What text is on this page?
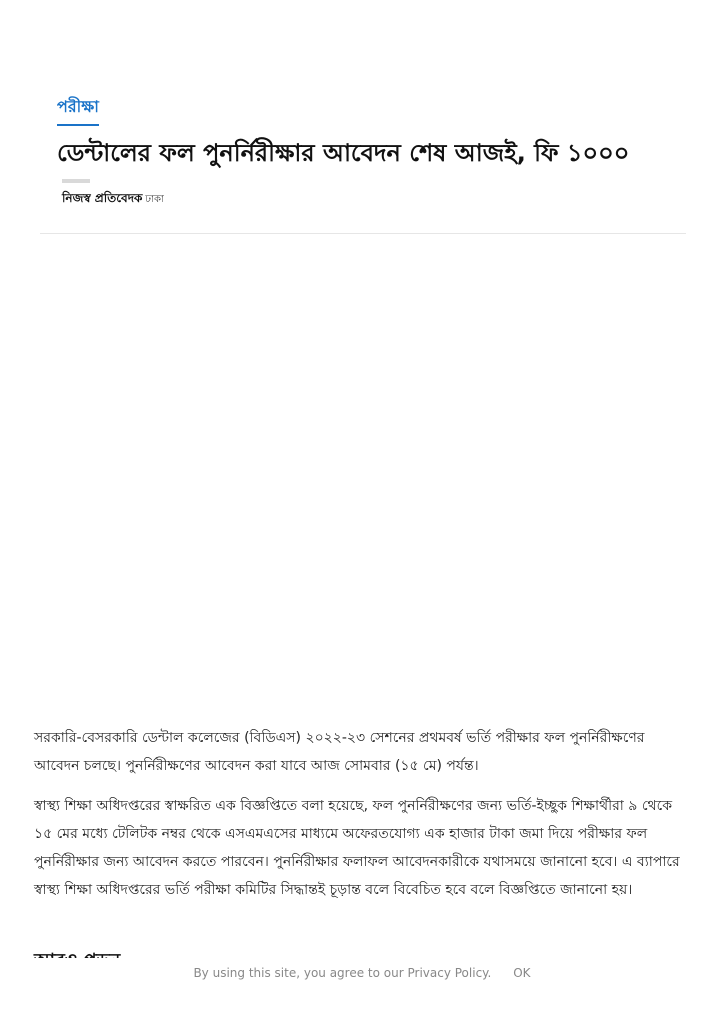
পরীক্ষা
ডেন্টালের ফল পুনর্নিরীক্ষার আবেদন শেষ আজই, ফি ১০০০
নিজস্ব প্রতিবেদক ঢাকা

সরকারি-বেসরকারি ডেন্টাল কলেজের (বিডিএস) ২০২২-২৩ সেশনের প্রথমবর্ষ ভর্তি পরীক্ষার ফল পুনর্নিরীক্ষণের আবেদন চলছে। পুনর্নিরীক্ষণের আবেদন করা যাবে আজ সোমবার (১৫ মে) পর্যন্ত।

স্বাস্থ্য শিক্ষা অধিদপ্তরের স্বাক্ষরিত এক বিজ্ঞপ্তিতে বলা হয়েছে, ফল পুনর্নিরীক্ষণের জন্য ভর্তি-ইচ্ছুক শিক্ষার্থীরা ৯ থেকে ১৫ মের মধ্যে টেলিটক নম্বর থেকে এসএমএসের মাধ্যমে অফেরতযোগ্য এক হাজার টাকা জমা দিয়ে পরীক্ষার ফল পুনর্নিরীক্ষার জন্য আবেদন করতে পারবেন। পুনর্নিরীক্ষার ফলাফল আবেদনকারীকে যথাসময়ে জানানো হবে। এ ব্যাপারে স্বাস্থ্য শিক্ষা অধিদপ্তরের ভর্তি পরীক্ষা কমিটির সিদ্ধান্তই চূড়ান্ত বলে বিবেচিত হবে বলে বিজ্ঞপ্তিতে জানানো হয়।

By using this site, you agree to our Privacy Policy. OK
